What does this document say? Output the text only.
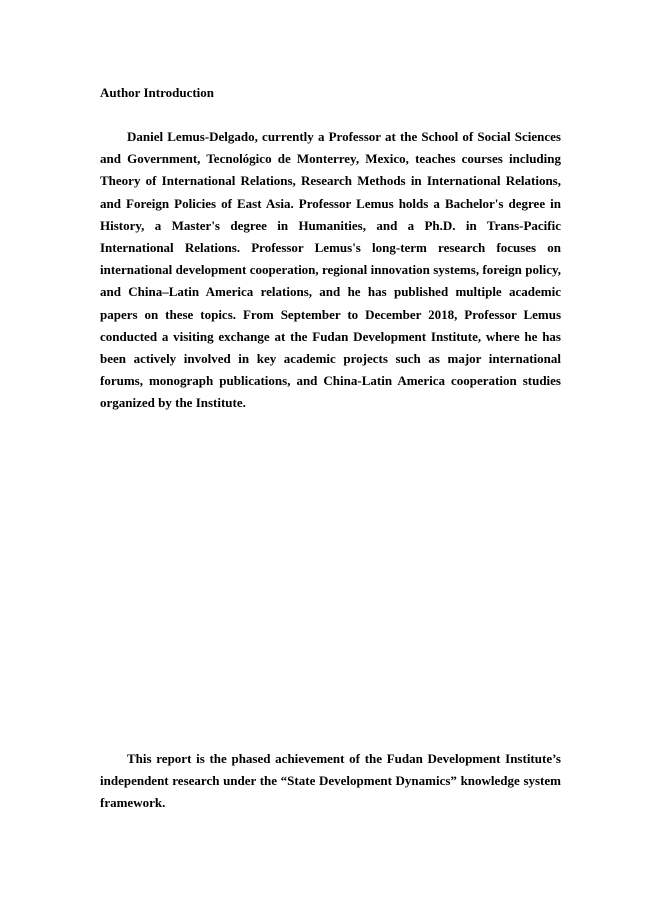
Author Introduction

Daniel Lemus-Delgado, currently a Professor at the School of Social Sciences and Government, Tecnológico de Monterrey, Mexico, teaches courses including Theory of International Relations, Research Methods in International Relations, and Foreign Policies of East Asia. Professor Lemus holds a Bachelor's degree in History, a Master's degree in Humanities, and a Ph.D. in Trans-Pacific International Relations. Professor Lemus's long-term research focuses on international development cooperation, regional innovation systems, foreign policy, and China–Latin America relations, and he has published multiple academic papers on these topics. From September to December 2018, Professor Lemus conducted a visiting exchange at the Fudan Development Institute, where he has been actively involved in key academic projects such as major international forums, monograph publications, and China-Latin America cooperation studies organized by the Institute.

This report is the phased achievement of the Fudan Development Institute’s independent research under the “State Development Dynamics” knowledge system framework.
